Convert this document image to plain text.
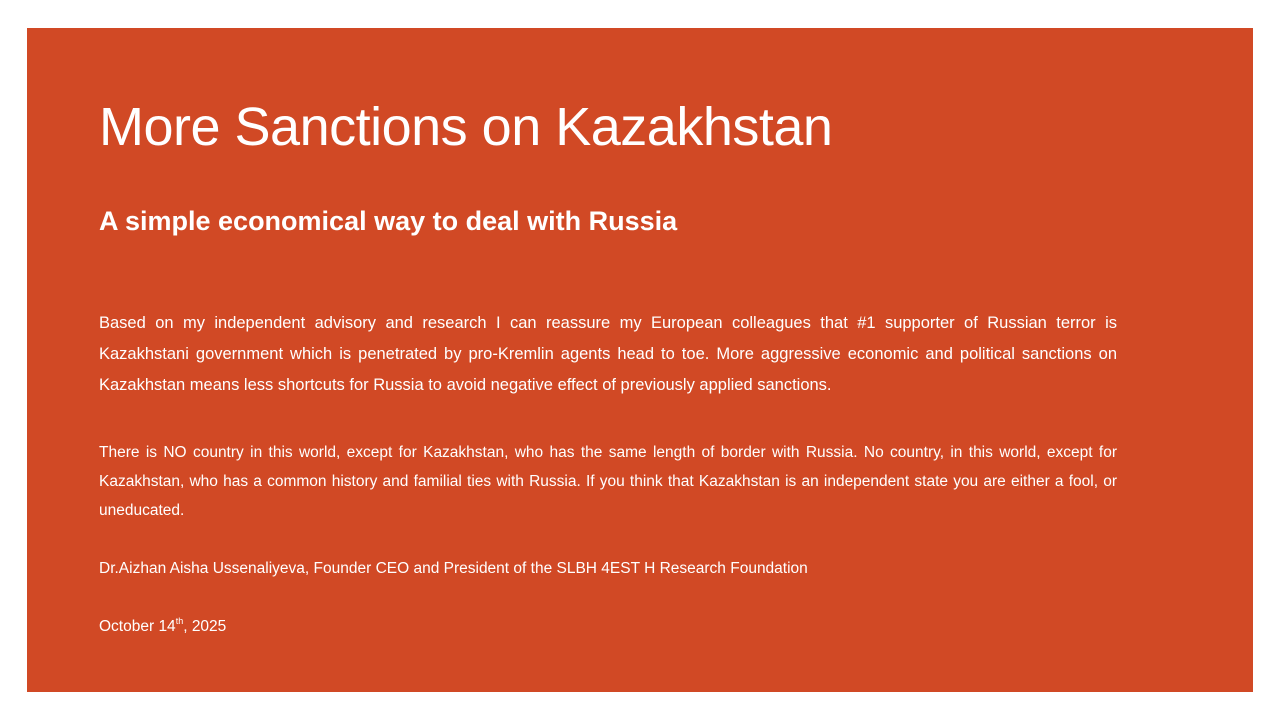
More Sanctions on Kazakhstan
A simple economical way to deal with Russia

Based on my independent advisory and research I can reassure my European colleagues that #1 supporter of Russian terror is Kazakhstani government which is penetrated by pro-Kremlin agents head to toe. More aggressive economic and political sanctions on Kazakhstan means less shortcuts for Russia to avoid negative effect of previously applied sanctions.

There is NO country in this world, except for Kazakhstan, who has the same length of border with Russia. No country, in this world, except for Kazakhstan, who has a common history and familial ties with Russia. If you think that Kazakhstan is an independent state you are either a fool, or uneducated.

Dr.Aizhan Aisha Ussenaliyeva, Founder CEO and President of the SLBH 4EST H Research Foundation

October 14th, 2025
